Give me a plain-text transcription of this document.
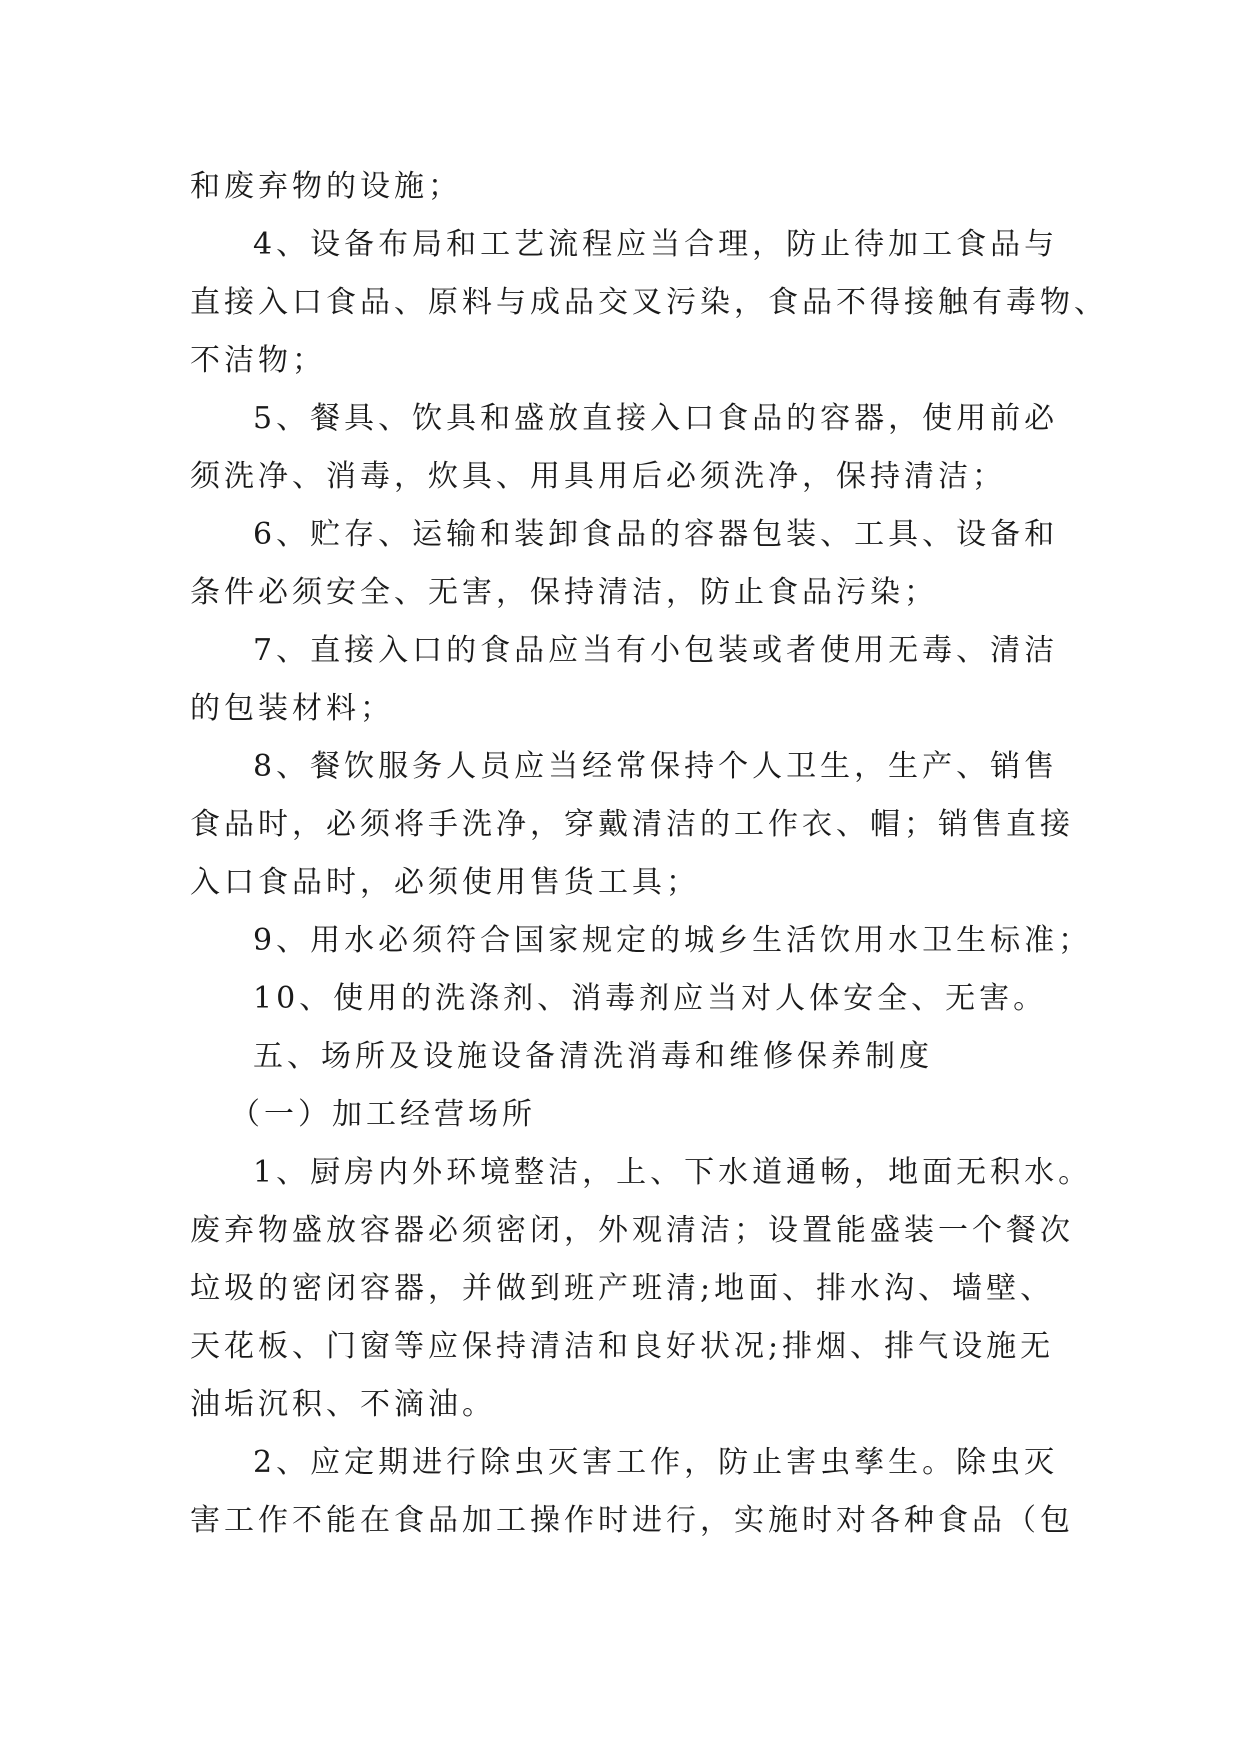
和废弃物的设施；
4、设备布局和工艺流程应当合理，防止待加工食品与
直接入口食品、原料与成品交叉污染，食品不得接触有毒物、
不洁物；
5、餐具、饮具和盛放直接入口食品的容器，使用前必
须洗净、消毒，炊具、用具用后必须洗净，保持清洁；
6、贮存、运输和装卸食品的容器包装、工具、设备和
条件必须安全、无害，保持清洁，防止食品污染；
7、直接入口的食品应当有小包装或者使用无毒、清洁
的包装材料；
8、餐饮服务人员应当经常保持个人卫生，生产、销售
食品时，必须将手洗净，穿戴清洁的工作衣、帽；销售直接
入口食品时，必须使用售货工具；
9、用水必须符合国家规定的城乡生活饮用水卫生标准；
10、使用的洗涤剂、消毒剂应当对人体安全、无害。
五、场所及设施设备清洗消毒和维修保养制度
（一）加工经营场所
1、厨房内外环境整洁，上、下水道通畅，地面无积水。
废弃物盛放容器必须密闭，外观清洁；设置能盛装一个餐次
垃圾的密闭容器，并做到班产班清;地面、排水沟、墙壁、
天花板、门窗等应保持清洁和良好状况;排烟、排气设施无
油垢沉积、不滴油。
2、应定期进行除虫灭害工作，防止害虫孳生。除虫灭
害工作不能在食品加工操作时进行，实施时对各种食品（包
